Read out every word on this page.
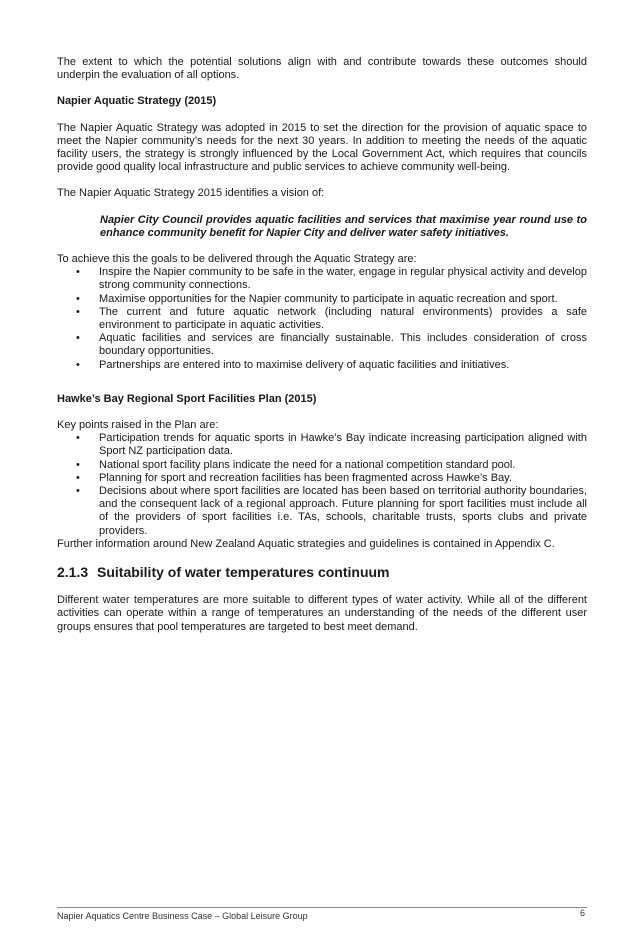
The extent to which the potential solutions align with and contribute towards these outcomes should underpin the evaluation of all options.

Napier Aquatic Strategy (2015)

The Napier Aquatic Strategy was adopted in 2015 to set the direction for the provision of aquatic space to meet the Napier community’s needs for the next 30 years. In addition to meeting the needs of the aquatic facility users, the strategy is strongly influenced by the Local Government Act, which requires that councils provide good quality local infrastructure and public services to achieve community well-being.

The Napier Aquatic Strategy 2015 identifies a vision of:

Napier City Council provides aquatic facilities and services that maximise year round use to enhance community benefit for Napier City and deliver water safety initiatives.

To achieve this the goals to be delivered through the Aquatic Strategy are:

• Inspire the Napier community to be safe in the water, engage in regular physical activity and develop strong community connections.
• Maximise opportunities for the Napier community to participate in aquatic recreation and sport.
• The current and future aquatic network (including natural environments) provides a safe environment to participate in aquatic activities.
• Aquatic facilities and services are financially sustainable. This includes consideration of cross boundary opportunities.
• Partnerships are entered into to maximise delivery of aquatic facilities and initiatives.
Hawke’s Bay Regional Sport Facilities Plan (2015)

Key points raised in the Plan are:

• Participation trends for aquatic sports in Hawke’s Bay indicate increasing participation aligned with Sport NZ participation data.
• National sport facility plans indicate the need for a national competition standard pool.
• Planning for sport and recreation facilities has been fragmented across Hawke’s Bay.
• Decisions about where sport facilities are located has been based on territorial authority boundaries, and the consequent lack of a regional approach. Future planning for sport facilities must include all of the providers of sport facilities i.e. TAs, schools, charitable trusts, sports clubs and private providers.

Further information around New Zealand Aquatic strategies and guidelines is contained in Appendix C.

2.1.3 Suitability of water temperatures continuum

Different water temperatures are more suitable to different types of water activity. While all of the different activities can operate within a range of temperatures an understanding of the needs of the different user groups ensures that pool temperatures are targeted to best meet demand.

Napier Aquatics Centre Business Case – Global Leisure Group	6
